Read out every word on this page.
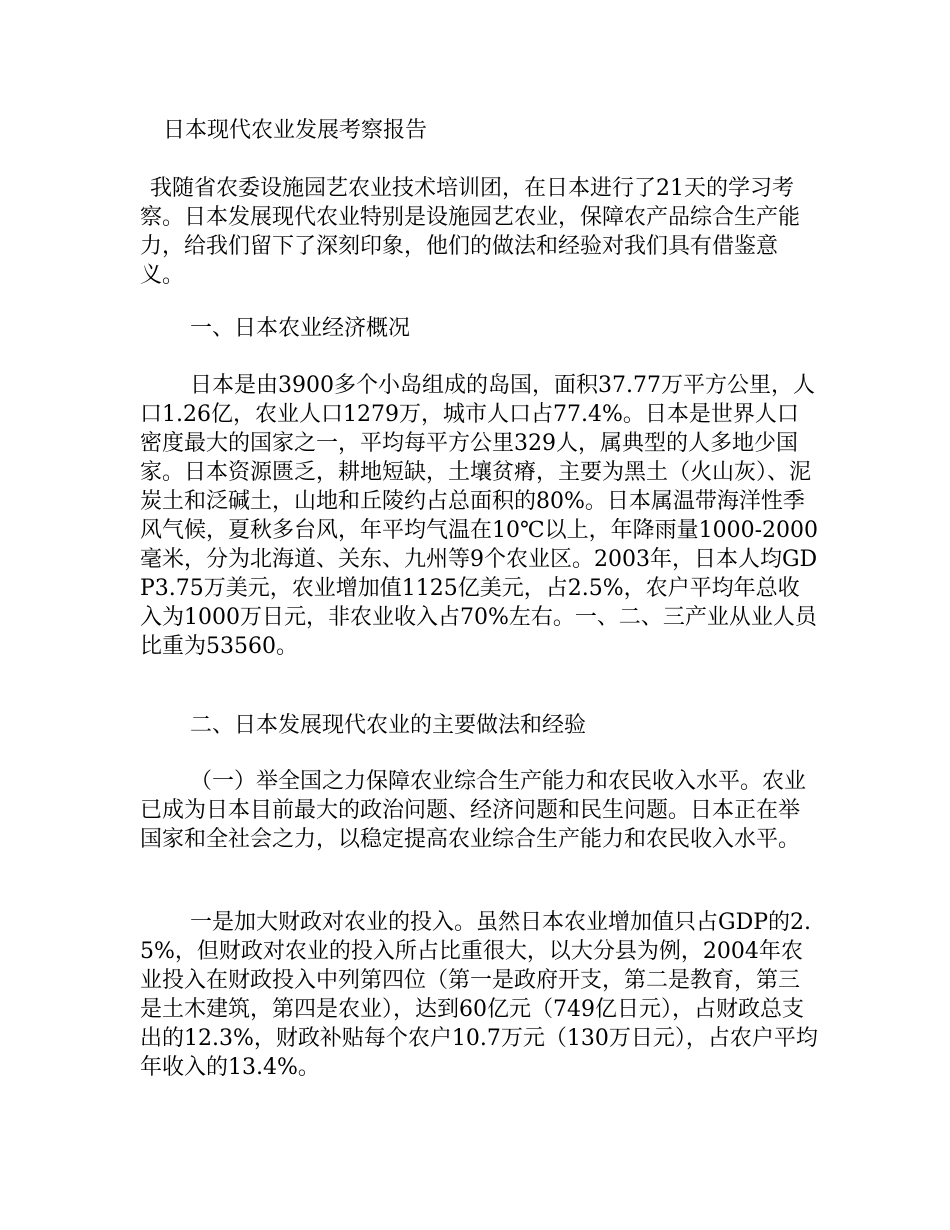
日本现代农业发展考察报告

我随省农委设施园艺农业技术培训团，在日本进行了21天的学习考察。日本发展现代农业特别是设施园艺农业，保障农产品综合生产能力，给我们留下了深刻印象，他们的做法和经验对我们具有借鉴意义。

一、日本农业经济概况

日本是由3900多个小岛组成的岛国，面积37.77万平方公里，人口1.26亿，农业人口1279万，城市人口占77.4%。日本是世界人口密度最大的国家之一，平均每平方公里329人，属典型的人多地少国家。日本资源匮乏，耕地短缺，土壤贫瘠，主要为黑土（火山灰）、泥炭土和泛碱土，山地和丘陵约占总面积的80%。日本属温带海洋性季风气候，夏秋多台风，年平均气温在10℃以上，年降雨量1000-2000毫米，分为北海道、关东、九州等9个农业区。2003年，日本人均GDP3.75万美元，农业增加值1125亿美元，占2.5%，农户平均年总收入为1000万日元，非农业收入占70%左右。一、二、三产业从业人员比重为53560。

二、日本发展现代农业的主要做法和经验

（一）举全国之力保障农业综合生产能力和农民收入水平。农业已成为日本目前最大的政治问题、经济问题和民生问题。日本正在举国家和全社会之力，以稳定提高农业综合生产能力和农民收入水平。

一是加大财政对农业的投入。虽然日本农业增加值只占GDP的2.5%，但财政对农业的投入所占比重很大，以大分县为例，2004年农业投入在财政投入中列第四位（第一是政府开支，第二是教育，第三是土木建筑，第四是农业），达到60亿元（749亿日元），占财政总支出的12.3%，财政补贴每个农户10.7万元（130万日元），占农户平均年收入的13.4%。
